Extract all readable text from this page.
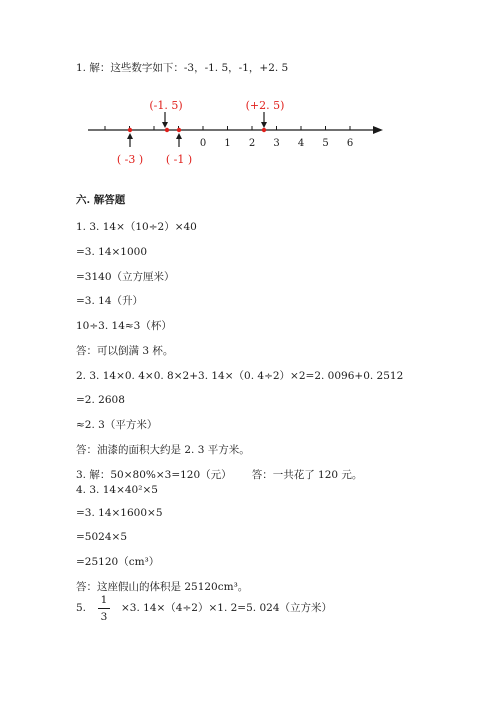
1. 解：这些数字如下：-3，-1. 5，-1，+2. 5
0 1 2 3 4 5 6
(-1. 5)	(+2. 5)
( -3 ) ( -1 )
六. 解答题
1. 3. 14×（10÷2）×40
=3. 14×1000
=3140（立方厘米）
=3. 14（升）
10÷3. 14≈3（杯）
答：可以倒满 3 杯。
2. 3. 14×0. 4×0. 8×2+3. 14×（0. 4÷2）×2=2. 0096+0. 2512
=2. 2608
≈2. 3（平方米）
答：油漆的面积大约是 2. 3 平方米。
3. 解：50×80%×3=120（元）      答：一共花了 120 元。
4. 3. 14×40²×5
=3. 14×1600×5
=5024×5
=25120（cm³）
答：这座假山的体积是 25120cm³。
5.
1
3
×3. 14×（4÷2）×1. 2=5. 024（立方米）
